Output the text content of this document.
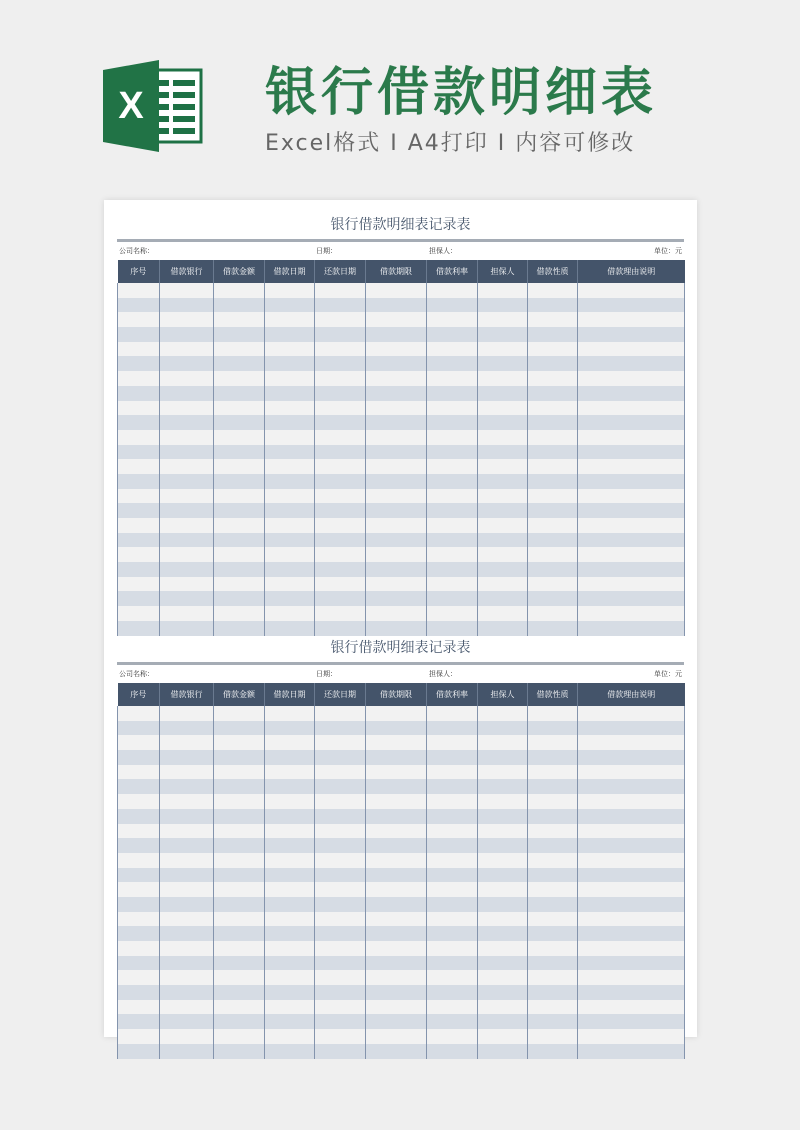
X 银行借款明细表
Excel格式 I A4打印 I 内容可修改
银行借款明细表记录表
公司名称：	日期：	担保人：	单位：元
序号	借款银行	借款金额	借款日期	还款日期	借款期限	借款利率	担保人	借款性质	借款理由说明

银行借款明细表记录表
公司名称：	日期：	担保人：	单位：元
序号	借款银行	借款金额	借款日期	还款日期	借款期限	借款利率	担保人	借款性质	借款理由说明
